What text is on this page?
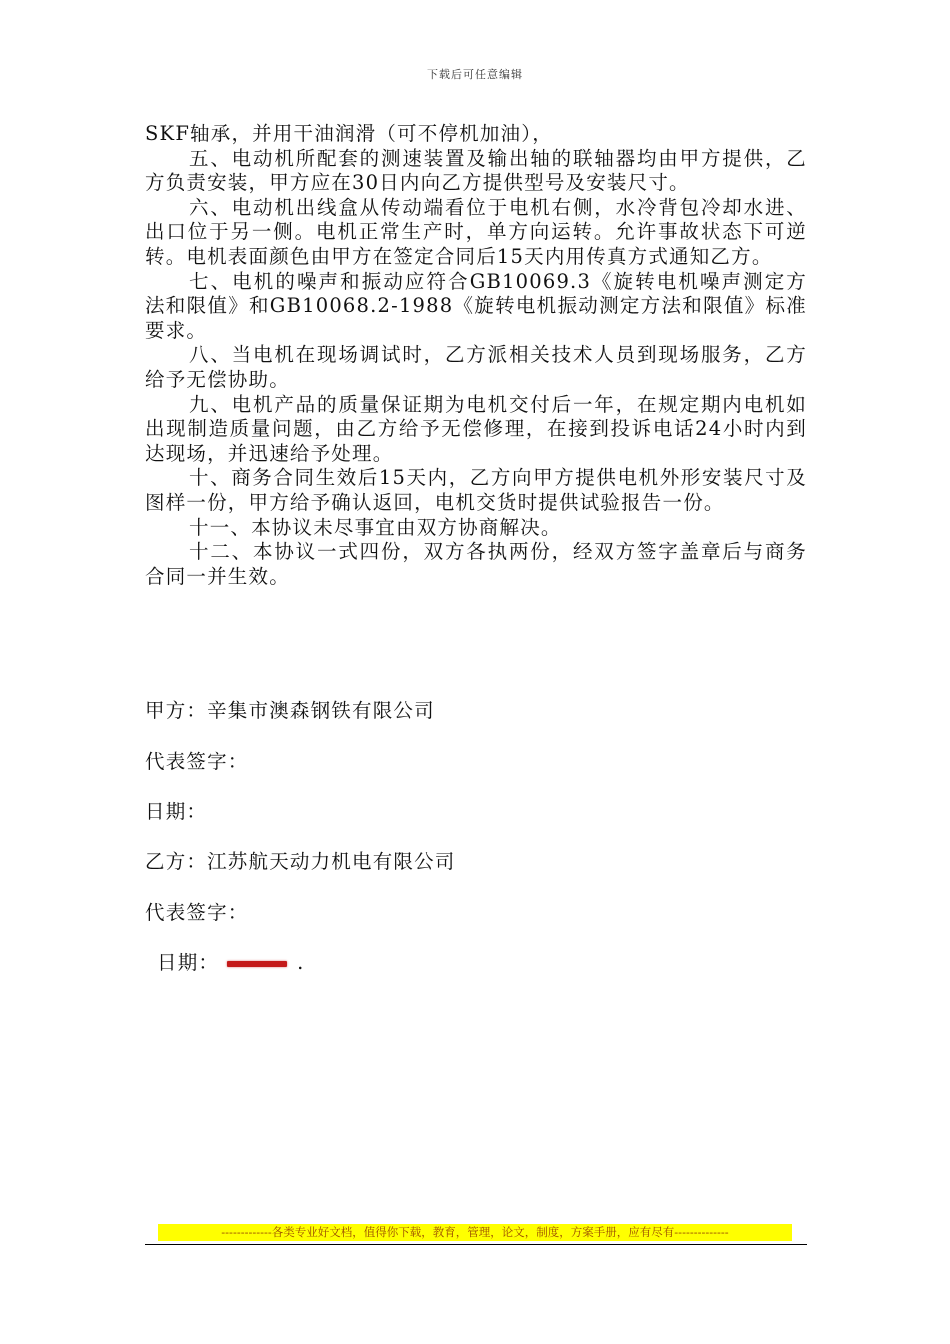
下载后可任意编辑

SKF轴承，并用干油润滑（可不停机加油），

五、电动机所配套的测速装置及输出轴的联轴器均由甲方提供，乙方负责安装，甲方应在30日内向乙方提供型号及安装尺寸。

六、电动机出线盒从传动端看位于电机右侧，水冷背包冷却水进、出口位于另一侧。电机正常生产时，单方向运转。允许事故状态下可逆转。电机表面颜色由甲方在签定合同后15天内用传真方式通知乙方。

七、电机的噪声和振动应符合GB10069.3《旋转电机噪声测定方法和限值》和GB10068.2-1988《旋转电机振动测定方法和限值》标准要求。

八、当电机在现场调试时，乙方派相关技术人员到现场服务，乙方给予无偿协助。

九、电机产品的质量保证期为电机交付后一年，在规定期内电机如出现制造质量问题，由乙方给予无偿修理，在接到投诉电话24小时内到达现场，并迅速给予处理。

十、商务合同生效后15天内，乙方向甲方提供电机外形安装尺寸及图样一份，甲方给予确认返回，电机交货时提供试验报告一份。

十一、本协议未尽事宜由双方协商解决。

十二、本协议一式四份，双方各执两份，经双方签字盖章后与商务合同一并生效。

甲方：辛集市澳森钢铁有限公司
代表签字：
日期：
乙方：江苏航天动力机电有限公司
代表签字：
日期：	.
-------------各类专业好文档，值得你下载，教育，管理，论文，制度，方案手册，应有尽有--------------
